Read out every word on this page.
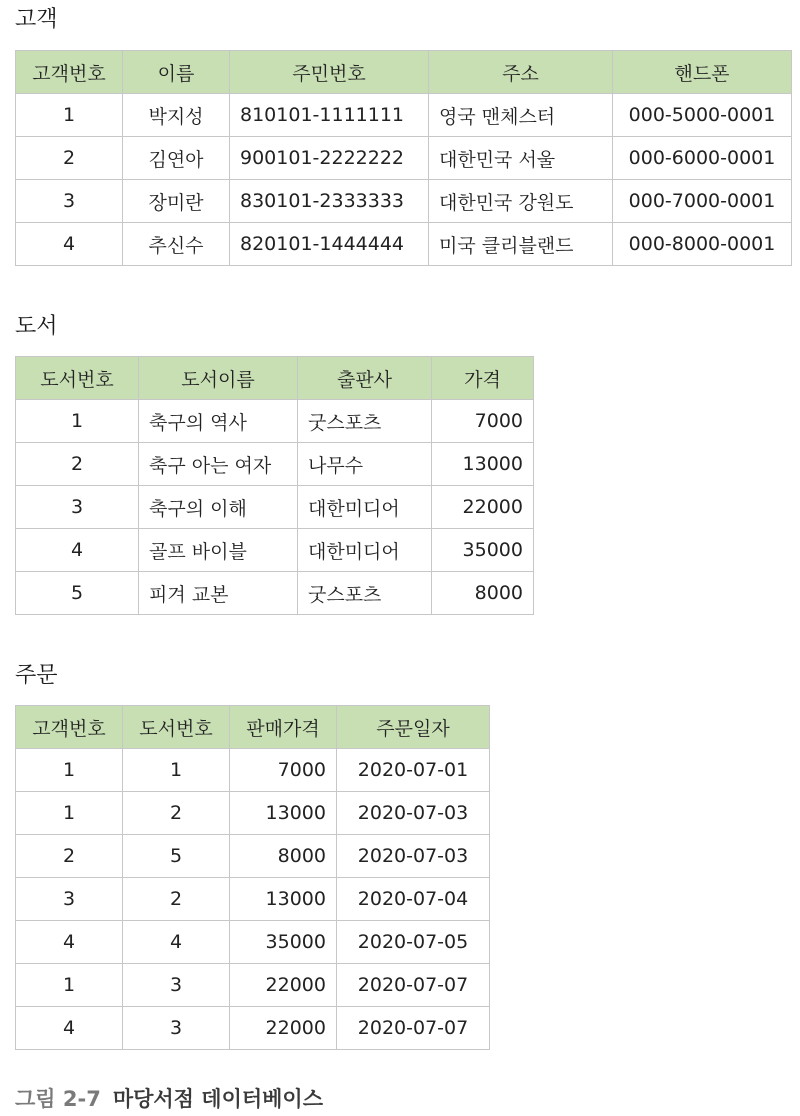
고객
고객번호	이름	주민번호	주소	핸드폰
1	박지성	810101-1111111	영국 맨체스터	000-5000-0001
2	김연아	900101-2222222	대한민국 서울	000-6000-0001
3	장미란	830101-2333333	대한민국 강원도	000-7000-0001
4	추신수	820101-1444444	미국 클리블랜드	000-8000-0001
도서
도서번호	도서이름	출판사	가격
1	축구의 역사	굿스포츠	7000
2	축구 아는 여자	나무수	13000
3	축구의 이해	대한미디어	22000
4	골프 바이블	대한미디어	35000
5	피겨 교본	굿스포츠	8000
주문
고객번호	도서번호	판매가격	주문일자
1	1	7000	2020-07-01
1	2	13000	2020-07-03
2	5	8000	2020-07-03
3	2	13000	2020-07-04
4	4	35000	2020-07-05
1	3	22000	2020-07-07
4	3	22000	2020-07-07

그림 2-7 마당서점 데이터베이스
